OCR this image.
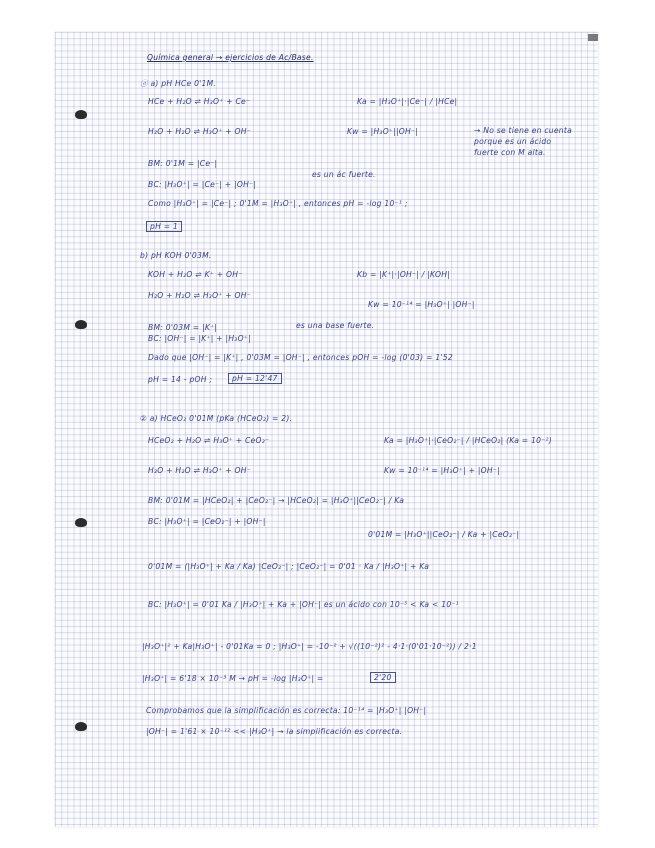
Química general → ejercicios de Ac/Base.
ⓐ a) pH HCe 0'1M.
HCe + H₂O ⇌ H₃O⁺ + Ce⁻	Ka = |H₃O⁺|·|Ce⁻| / |HCe|
H₂O + H₂O ⇌ H₃O⁺ + OH⁻	Kw = |H₃O⁺||OH⁻|	→ No se tiene en cuenta porque es un ácido fuerte con M alta.
BM: 0'1M = |Ce⁻|
BC: |H₃O⁺| = |Ce⁻| + |OH⁻|
es un ác fuerte.
Como |H₃O⁺| = |Ce⁻| ; 0'1M = |H₃O⁺| , entonces pH = -log 10⁻¹ ;
pH = 1
b) pH KOH 0'03M.
KOH + H₂O ⇌ K⁺ + OH⁻	Kb = |K⁺|·|OH⁻| / |KOH|
H₂O + H₂O ⇌ H₃O⁺ + OH⁻
Kw = 10⁻¹⁴ = |H₃O⁺| |OH⁻|
BM: 0'03M = |K⁺|	es una base fuerte.
BC: |OH⁻| = |K⁺| + |H₃O⁺|
Dado que |OH⁻| = |K⁺| , 0'03M = |OH⁻| , entonces pOH = -log (0'03) = 1'52
pH = 14 - pOH ;	pH = 12'47
② a) HCeO₂ 0'01M (pKa (HCeO₂) = 2).
HCeO₂ + H₂O ⇌ H₃O⁺ + CeO₂⁻	Ka = |H₃O⁺|·|CeO₂⁻| / |HCeO₂| (Ka = 10⁻²)
H₂O + H₂O ⇌ H₃O⁺ + OH⁻	Kw = 10⁻¹⁴ = |H₃O⁺| + |OH⁻|
BM: 0'01M = |HCeO₂| + |CeO₂⁻| → |HCeO₂| = |H₃O⁺||CeO₂⁻| / Ka
BC: |H₃O⁺| = |CeO₂⁻| + |OH⁻|
0'01M = |H₃O⁺||CeO₂⁻| / Ka + |CeO₂⁻|
0'01M = (|H₃O⁺| + Ka / Ka) |CeO₂⁻| ; |CeO₂⁻| = 0'01 · Ka / |H₃O⁺| + Ka
BC: |H₃O⁺| = 0'01 Ka / |H₃O⁺| + Ka + |OH⁻| es un ácido con 10⁻⁵ < Ka < 10⁻¹
|H₃O⁺|² + Ka|H₃O⁺| - 0'01Ka = 0 ; |H₃O⁺| = -10⁻² + √((10⁻²)² - 4·1·(0'01·10⁻²)) / 2·1
|H₃O⁺| = 6'18 × 10⁻³ M → pH = -log |H₃O⁺| =	2'20
Comprobamos que la simplificación es correcta: 10⁻¹⁴ = |H₃O⁺| |OH⁻|
|OH⁻| = 1'61 × 10⁻¹² << |H₃O⁺| → la simplificación es correcta.
